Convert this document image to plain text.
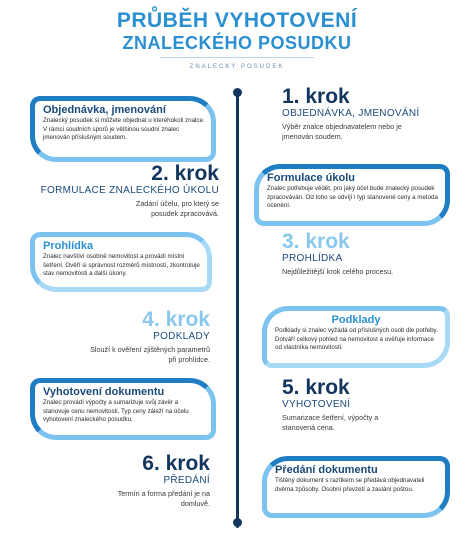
PRŮBĚH VYHOTOVENÍ
ZNALECKÉHO POSUDKU
ZNALECKÝ POSUDEK
Objednávka, jmenování
Znalecký posudek si můžete objednat u kteréhokoli znalce. V rámci soudních sporů je většinou soudní znalec jmenován příslušným soudem.
1. krok
OBJEDNÁVKA, JMENOVÁNÍ
Výběr znalce objednavatelem nebo je jmenován soudem.
2. krok
FORMULACE ZNALECKÉHO ÚKOLU
Zadání účelu, pro který se posudek zpracovává.
Formulace úkolu
Znalec potřebuje vědět, pro jaký účel bude znalecký posudek zpracováván. Od toho se odvíjí i typ stanovené ceny a metoda ocenění.
Prohlídka
Znalec navštíví osobně nemovitost a provádí místní šetření. Ověří si správnost rozměrů místností, zkontroluje stav nemovitosti a další úkony.
3. krok
PROHLÍDKA
Nejdůležitější krok celého procesu.
4. krok
PODKLADY
Slouží k ověření zjištěných parametrů při prohlídce.
Podklady
Podklady si znalec vyžádá od příslušných osob dle potřeby. Dotváří celkový pohled na nemovitost a ověřuje informace od vlastníka nemovitosti.
Vyhotovení dokumentu
Znalec provádí výpočty a sumarizuje svůj závěr a stanovuje cenu nemovitosti. Typ ceny záleží na účelu vyhotovení znaleckého posudku.
5. krok
VYHOTOVENÍ
Sumarizace šetření, výpočty a stanovená cena.
6. krok
PŘEDÁNÍ
Termín a forma předání je na domluvě.
Předání dokumentu
Tištěný dokument s razítkem se předává objednavateli dvěma způsoby. Osobní převzetí a zaslání poštou.
